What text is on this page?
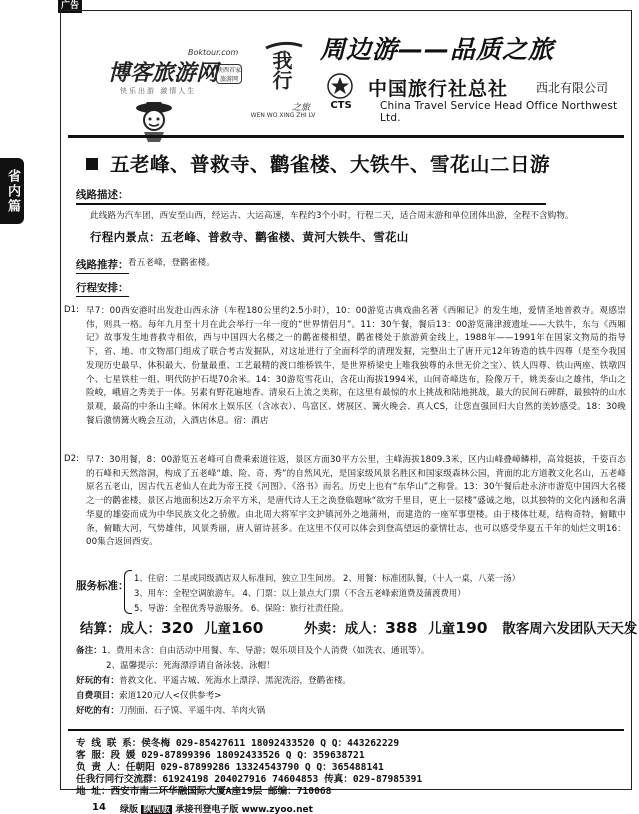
广告
省内篇
Boktour.com
博客旅游网
陕西首家 旅游网
快乐出游 激情人生
我行
之旅
WEN WO XING ZHI LV
周边游——品质之旅
CTS
中国旅行社总社 西北有限公司
China Travel Service Head Office Northwest Ltd.
五老峰、普救寺、鹳雀楼、大铁牛、雪花山二日游
线路描述：
此线路为汽车团，西安至山西，经运古、大运高速，车程约3个小时，行程二天，适合周末游和单位团体出游，全程不含购物。
行程内景点：五老峰、普救寺、鹳雀楼、黄河大铁牛、雪花山
线路推荐： 看五老峰，登鹳雀楼。
行程安排：
D1: 早7：00西安港时出发赴山西永济（车程180公里约2.5小时），10：00游览古典戏曲名著《西厢记》的发生地，爱情圣地普救寺。观感崇伟，则具一格。每年九月至十月在此会举行一年一度的“世界情侣月”。11：30午餐，餐后13：00游览蒲津渡遗址——大铁牛，东与《西厢记》故事发生地普救寺相依，西与中国四大名楼之一的鹳雀楼相望，鹳雀楼处于旅游黄金线上，1988年——1991年在国家文物局的指导下，省、地、市文物部门组成了联合考古发掘队，对这址进行了全面科学的清理发掘，完整出土了唐开元12年铸造的铁牛四尊（是至今我国发现历史最早、体积最大、份量最重、工艺最精的渡口维桥铁牛，是世界桥梁史上唯我独尊的永世无价之宝）、铁人四尊、铁山两座、铁墩四个、七星铁柱一组、明代防护石堤70余米。14：30游览雪花山，含花山海拔1994米，山间奇峰迭布，险像万千，姚美泰山之雄伟，华山之险峻，峨眉之秀美于一体。另素有野花遍地香、清泉石上流之美称，在这里有最惊的水上挑战和陆地挑战，最大的民间石碑群，最独特的山水景观，最高的中条山主峰。休闲水上娱乐区（含冰衣）、鸟富区、烤展区、篝火晚会、真人CS，让您直强回归大自然的美妙感受。18：30晚餐后激情篝火晚会互动，入酒店休息。宿：酒店
D2: 早7：30用餐，8：00游览五老峰可自费乘索道往返，景区方面30平方公里，主峰海拔1809.3米，区内山峰叠嶂鳞栉，高耸挺拔，千姿百态的石峰和天然溶洞，构成了五老峰“雄、险、奇、秀”的自然风光，是国家级风景名胜区和国家级森林公园，背面的北方道教文化名山，五老峰原名五老山，因古代五老仙人在此为帝王授《河图》、《洛书》而名。历史上也有“东华山”之称誉。13：30午餐后赴永济市游览中国四大名楼之一的鹳雀楼，景区占地面积达2万余平方米，是唐代诗人王之涣登临题咏“欲穷千里目，更上一层楼”盛诚之地，以其独特的文化内涵和名满华夏的雄姿而成为中华民族文化之骄傲。由北周大将军宇文护镇河外之地蒲州，而建造的一座军事望楼。由于楼体壮观，结构奇特，俯瞰中条，俯瞰大河，气势雄伟，风景秀丽，唐人留诗甚多。在这里不仅可以体会到登高望远的豪情壮志，也可以感受华夏五千年的灿烂文明16：00集合返回西安。
服务标准：
1、住宿：二星或同级酒店双人标准间，独立卫生间房。 2、用餐：标准团队餐，（十人一桌，八菜一汤）
3、用车：全程空调旅游车。 4、门票：以上景点大门票（不含五老峰索道费及蒲渡费用）
5、导游：全程优秀导游服务。 6、保险：旅行社责任险。
结算：成人：320 儿童160	外卖：成人：388 儿童190 散客周六发团队天天发
备注：1、费用未含：自由活动中用餐、车、导游；娱乐项目及个人消费（如洗衣、通讯等）。
2、温馨提示：死海漂浮请自备泳装、泳帽！
好玩的有：普救文化、平遥古城、死海水上漂浮、黑泥洗浴，登鹳雀楼。
自费项目：索道120元/人<仅供参考>
好吃的有：刀削面、石子馍、平遥牛肉、羊肉火锅
专 线 联 系：侯冬梅 029-85427611 18092433520 Q Q：443262229
客 服：段 媛 029-87899396 18092433526 Q Q：359638721
负 责 人：任朝阳 029-87899286 13324543790 Q Q：365488141
任我行同行交流群：61924198 204027916 74604853 传真：029-87985391
地 址：西安市南二环华融国际大厦A座19层 邮编：710068
14 绿版 陕西版 承接刊登电子版 www.zyoo.net
